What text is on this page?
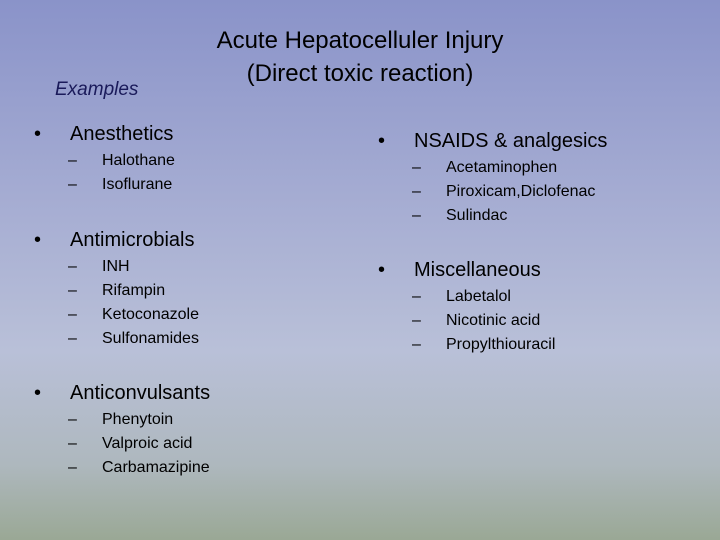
Acute Hepatocelluler Injury
(Direct toxic reaction)
Examples
• Anesthetics
– Halothane
– Isoflurane
• Antimicrobials
– INH
– Rifampin
– Ketoconazole
– Sulfonamides
• Anticonvulsants
– Phenytoin
– Valproic acid
– Carbamazipine
• NSAIDS & analgesics
– Acetaminophen
– Piroxicam,Diclofenac
– Sulindac
• Miscellaneous
– Labetalol
– Nicotinic acid
– Propylthiouracil
